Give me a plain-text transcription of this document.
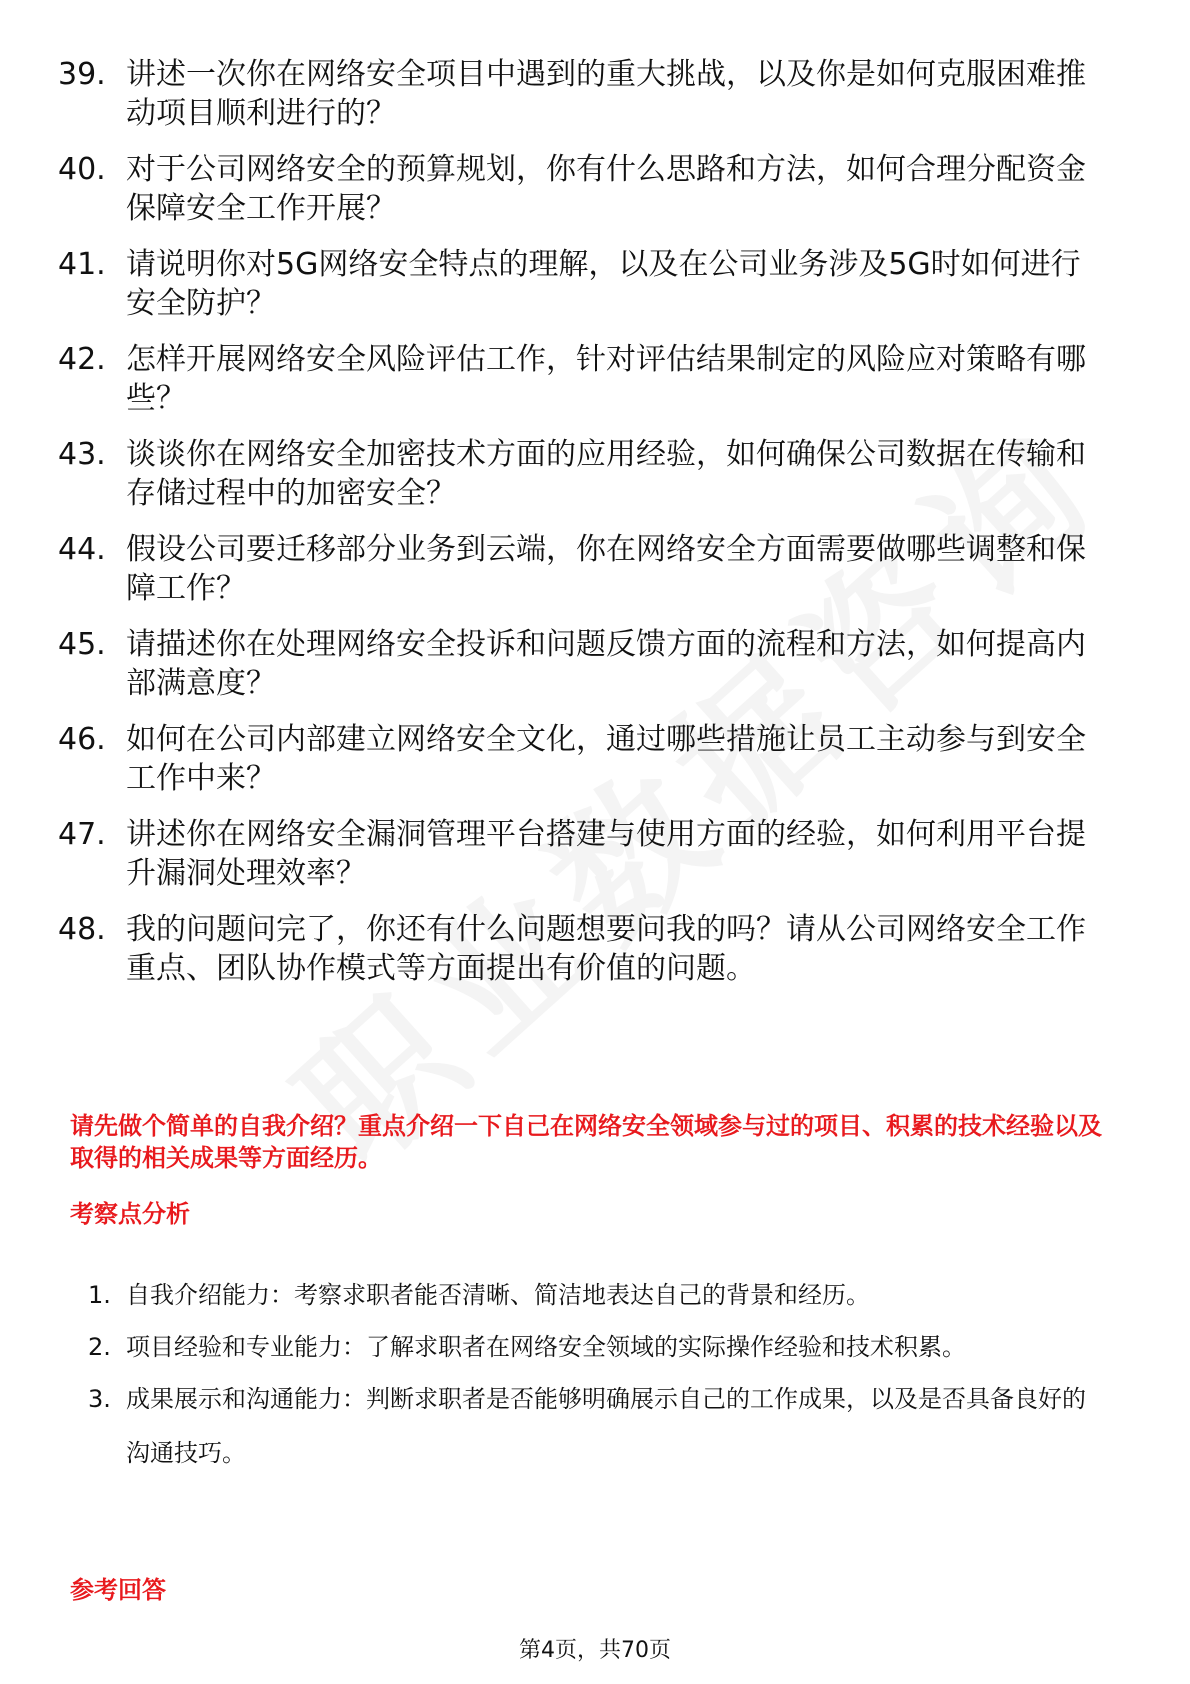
39. 讲述一次你在网络安全项目中遇到的重大挑战，以及你是如何克服困难推动项目顺利进行的？
40. 对于公司网络安全的预算规划，你有什么思路和方法，如何合理分配资金保障安全工作开展？
41. 请说明你对5G网络安全特点的理解，以及在公司业务涉及5G时如何进行安全防护？
42. 怎样开展网络安全风险评估工作，针对评估结果制定的风险应对策略有哪些？
43. 谈谈你在网络安全加密技术方面的应用经验，如何确保公司数据在传输和存储过程中的加密安全？
44. 假设公司要迁移部分业务到云端，你在网络安全方面需要做哪些调整和保障工作？
45. 请描述你在处理网络安全投诉和问题反馈方面的流程和方法，如何提高内部满意度？
46. 如何在公司内部建立网络安全文化，通过哪些措施让员工主动参与到安全工作中来？
47. 讲述你在网络安全漏洞管理平台搭建与使用方面的经验，如何利用平台提升漏洞处理效率？
48. 我的问题问完了，你还有什么问题想要问我的吗？请从公司网络安全工作重点、团队协作模式等方面提出有价值的问题。
请先做个简单的自我介绍？重点介绍一下自己在网络安全领域参与过的项目、积累的技术经验以及取得的相关成果等方面经历。
考察点分析
1. 自我介绍能力：考察求职者能否清晰、简洁地表达自己的背景和经历。
2. 项目经验和专业能力：了解求职者在网络安全领域的实际操作经验和技术积累。
3. 成果展示和沟通能力：判断求职者是否能够明确展示自己的工作成果，以及是否具备良好的沟通技巧。
参考回答
第4页，共70页
